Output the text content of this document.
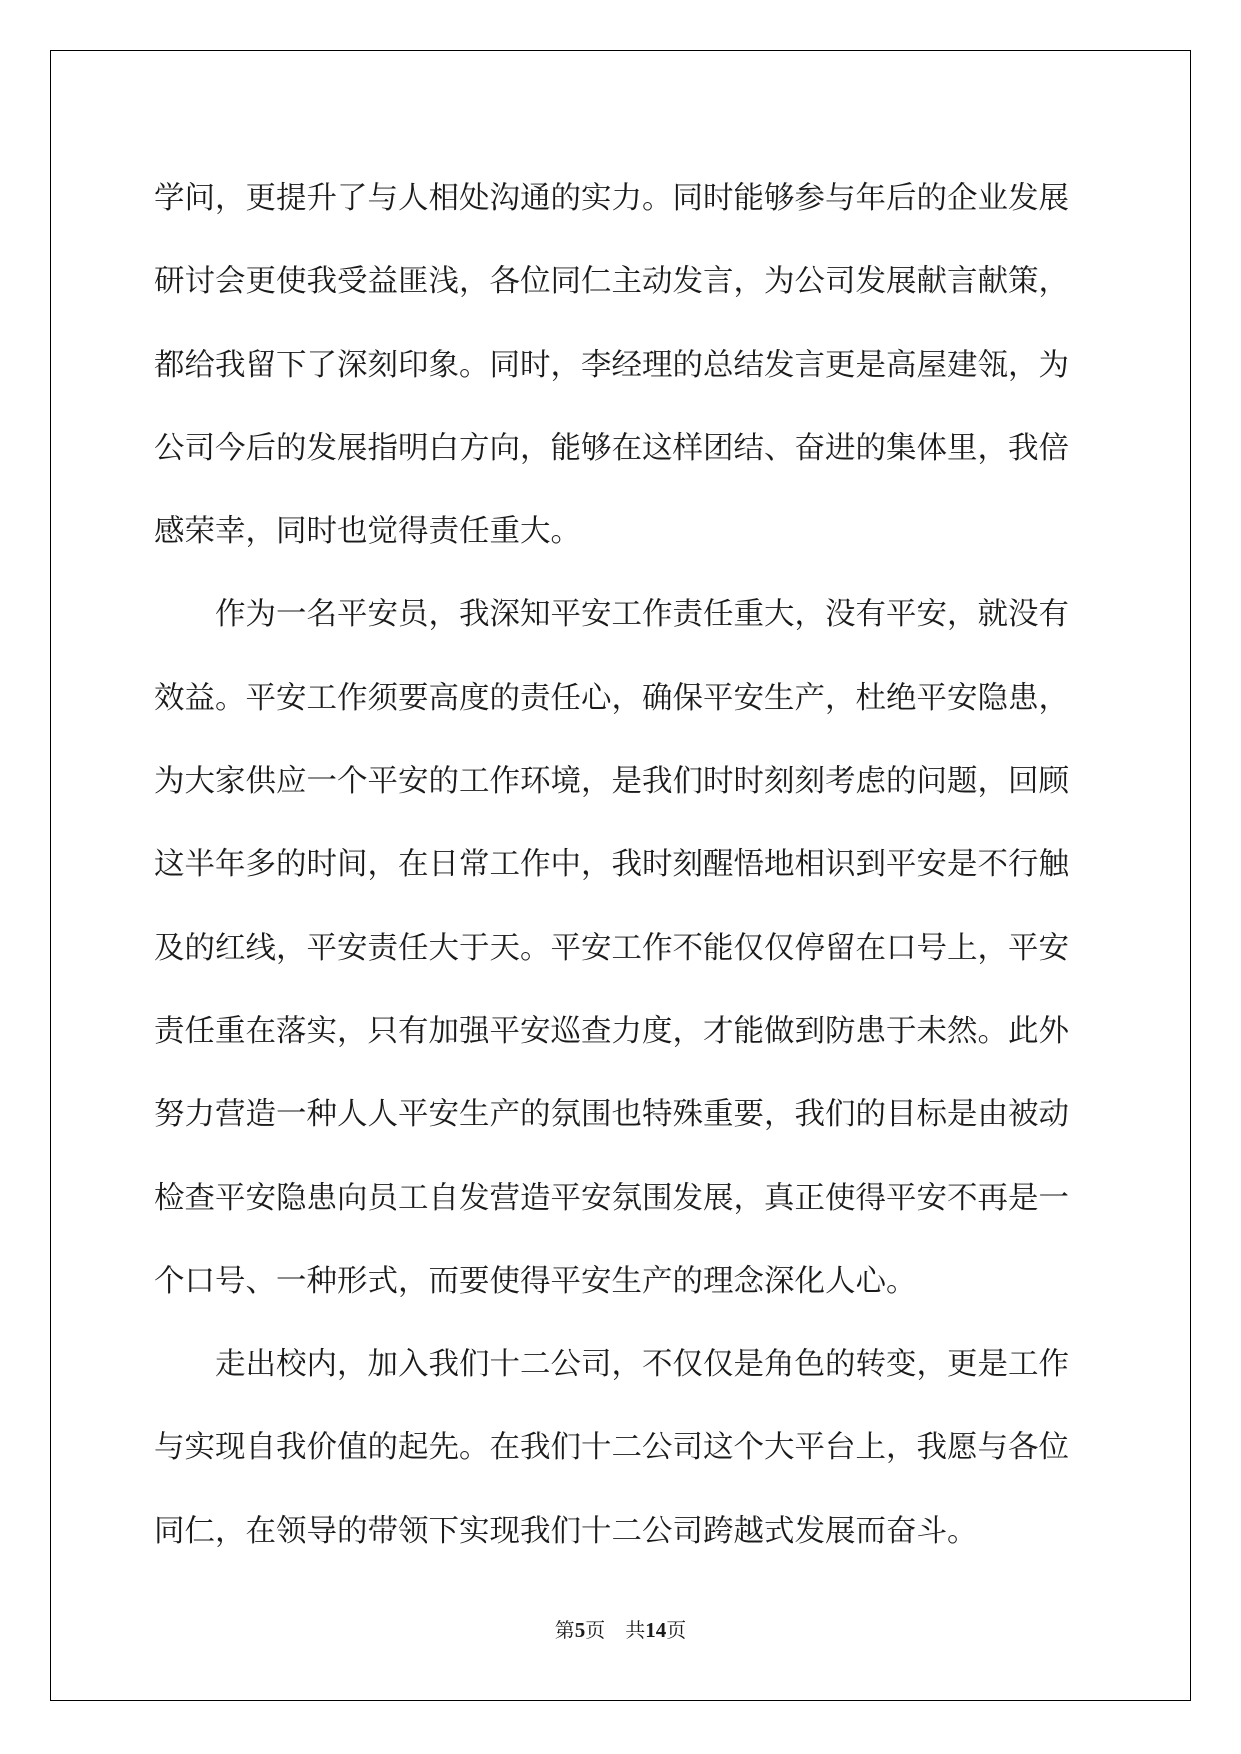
学问，更提升了与人相处沟通的实力。同时能够参与年后的企业发展
研讨会更使我受益匪浅，各位同仁主动发言，为公司发展献言献策，
都给我留下了深刻印象。同时，李经理的总结发言更是高屋建瓴，为
公司今后的发展指明白方向，能够在这样团结、奋进的集体里，我倍
感荣幸，同时也觉得责任重大。
作为一名平安员，我深知平安工作责任重大，没有平安，就没有
效益。平安工作须要高度的责任心，确保平安生产，杜绝平安隐患，
为大家供应一个平安的工作环境，是我们时时刻刻考虑的问题，回顾
这半年多的时间，在日常工作中，我时刻醒悟地相识到平安是不行触
及的红线，平安责任大于天。平安工作不能仅仅停留在口号上，平安
责任重在落实，只有加强平安巡查力度，才能做到防患于未然。此外
努力营造一种人人平安生产的氛围也特殊重要，我们的目标是由被动
检查平安隐患向员工自发营造平安氛围发展，真正使得平安不再是一
个口号、一种形式，而要使得平安生产的理念深化人心。
走出校内，加入我们十二公司，不仅仅是角色的转变，更是工作
与实现自我价值的起先。在我们十二公司这个大平台上，我愿与各位
同仁，在领导的带领下实现我们十二公司跨越式发展而奋斗。
第5页　共14页
